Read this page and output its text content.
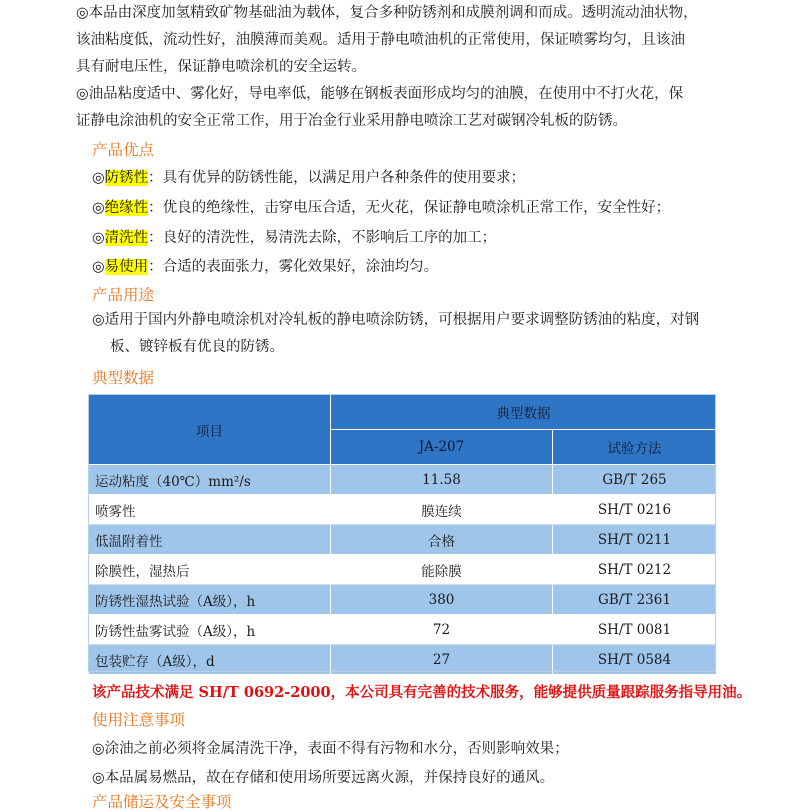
◎本品由深度加氢精致矿物基础油为载体，复合多种防锈剂和成膜剂调和而成。透明流动油状物，
该油粘度低，流动性好，油膜薄而美观。适用于静电喷油机的正常使用，保证喷雾均匀，且该油
具有耐电压性，保证静电喷涂机的安全运转。
◎油品粘度适中、雾化好，导电率低，能够在钢板表面形成均匀的油膜，在使用中不打火花，保
证静电涂油机的安全正常工作，用于冶金行业采用静电喷涂工艺对碳钢冷轧板的防锈。
产品优点
◎防锈性：具有优异的防锈性能，以满足用户各种条件的使用要求；
◎绝缘性：优良的绝缘性，击穿电压合适，无火花，保证静电喷涂机正常工作，安全性好；
◎清洗性：良好的清洗性，易清洗去除，不影响后工序的加工；
◎易使用：合适的表面张力，雾化效果好，涂油均匀。
产品用途
◎适用于国内外静电喷涂机对冷轧板的静电喷涂防锈，可根据用户要求调整防锈油的粘度，对钢
板、镀锌板有优良的防锈。
典型数据
项目	典型数据	
	JA-207	试验方法
运动粘度（40℃）mm²/s	11.58	GB/T 265
喷雾性	膜连续	SH/T 0216
低温附着性	合格	SH/T 0211
除膜性，湿热后	能除膜	SH/T 0212
防锈性湿热试验（A级），h	380	GB/T 2361
防锈性盐雾试验（A级），h	72	SH/T 0081
包装贮存（A级），d	27	SH/T 0584
该产品技术满足 SH/T 0692-2000，本公司具有完善的技术服务，能够提供质量跟踪服务指导用油。
使用注意事项
◎涂油之前必须将金属清洗干净，表面不得有污物和水分，否则影响效果；
◎本品属易燃品，故在存储和使用场所要远离火源，并保持良好的通风。
产品储运及安全事项
